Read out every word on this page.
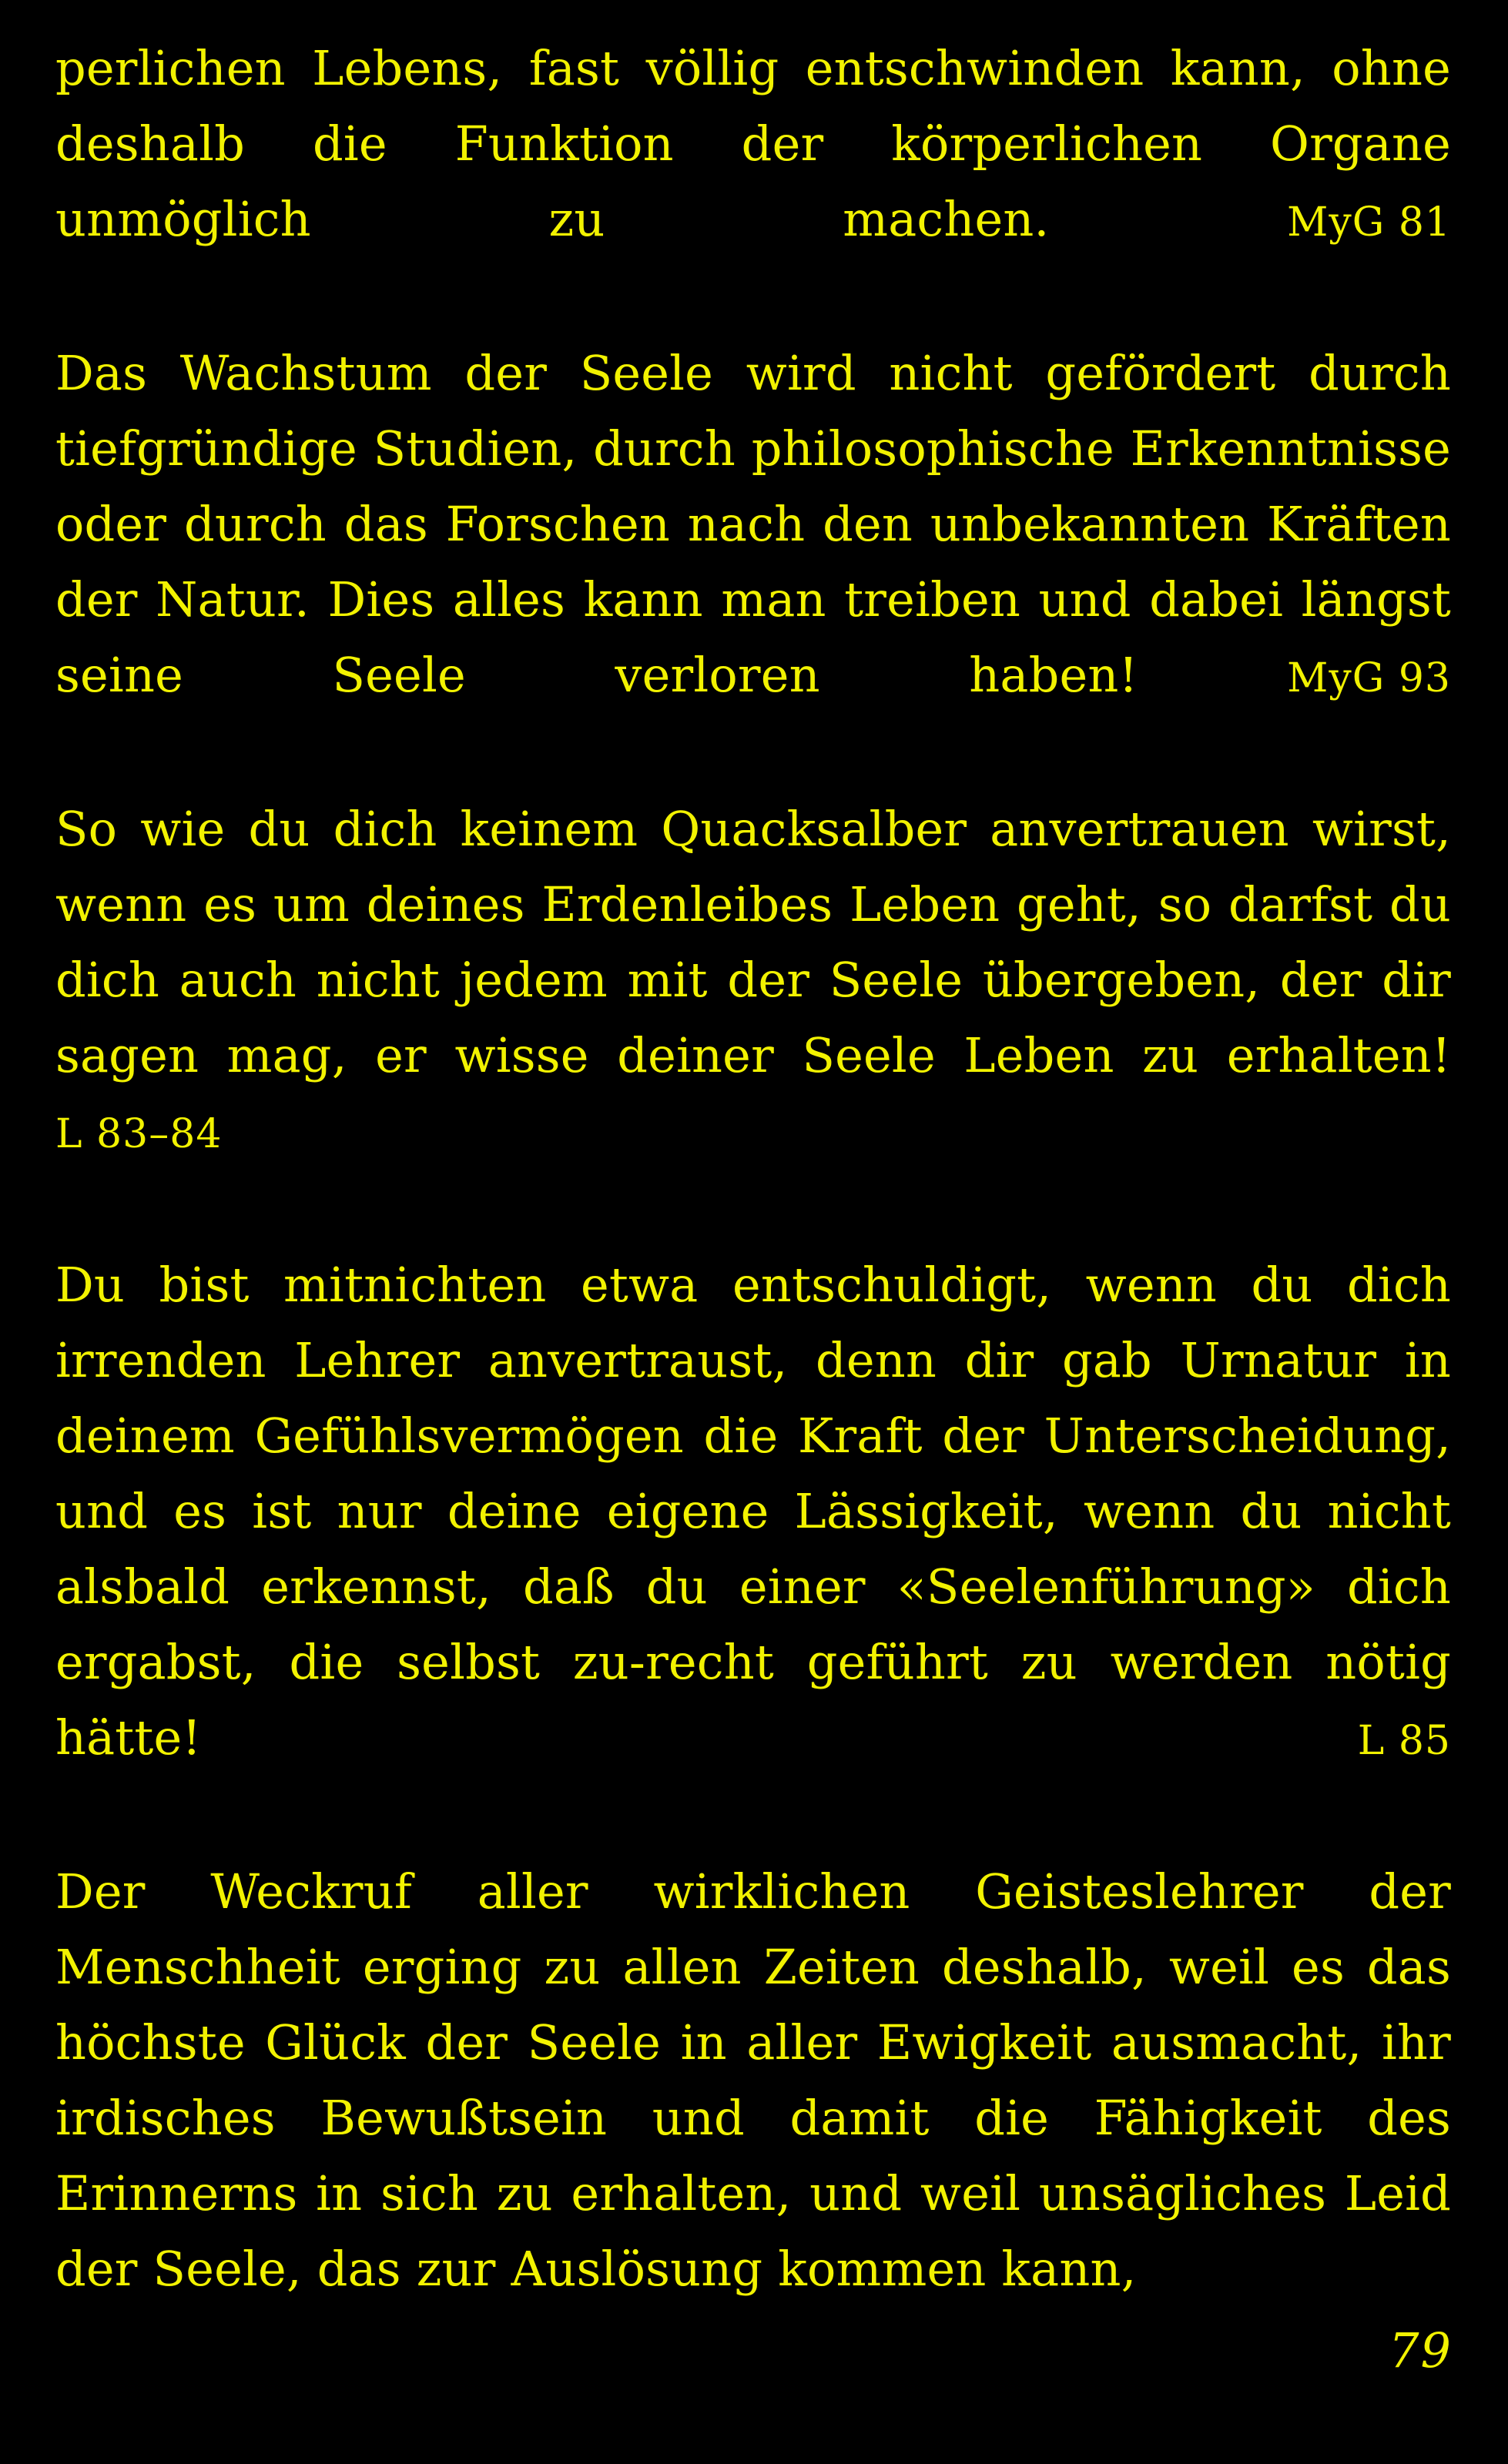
perlichen Lebens, fast völlig entschwinden kann, ohne deshalb die Funktion der körperlichen Organe unmöglich zu machen.	MyG 81

Das Wachstum der Seele wird nicht gefördert durch tiefgründige Studien, durch philosophische Erkenntnisse oder durch das Forschen nach den unbekannten Kräften der Natur. Dies alles kann man treiben und dabei längst seine Seele verloren haben!	MyG 93

So wie du dich keinem Quacksalber anvertrauen wirst, wenn es um deines Erdenleibes Leben geht, so darfst du dich auch nicht jedem mit der Seele übergeben, der dir sagen mag, er wisse deiner Seele Leben zu erhalten! L 83–84

Du bist mitnichten etwa entschuldigt, wenn du dich irrenden Lehrer anvertraust, denn dir gab Urnatur in deinem Gefühlsvermögen die Kraft der Unterscheidung, und es ist nur deine eigene Lässigkeit, wenn du nicht alsbald erkennst, daß du einer «Seelenführung» dich ergabst, die selbst zu-recht geführt zu werden nötig hätte!	L 85

Der Weckruf aller wirklichen Geisteslehrer der Menschheit erging zu allen Zeiten deshalb, weil es das höchste Glück der Seele in aller Ewigkeit ausmacht, ihr irdisches Bewußtsein und damit die Fähigkeit des Erinnerns in sich zu erhalten, und weil unsägliches Leid der Seele, das zur Auslösung kommen kann,

79
